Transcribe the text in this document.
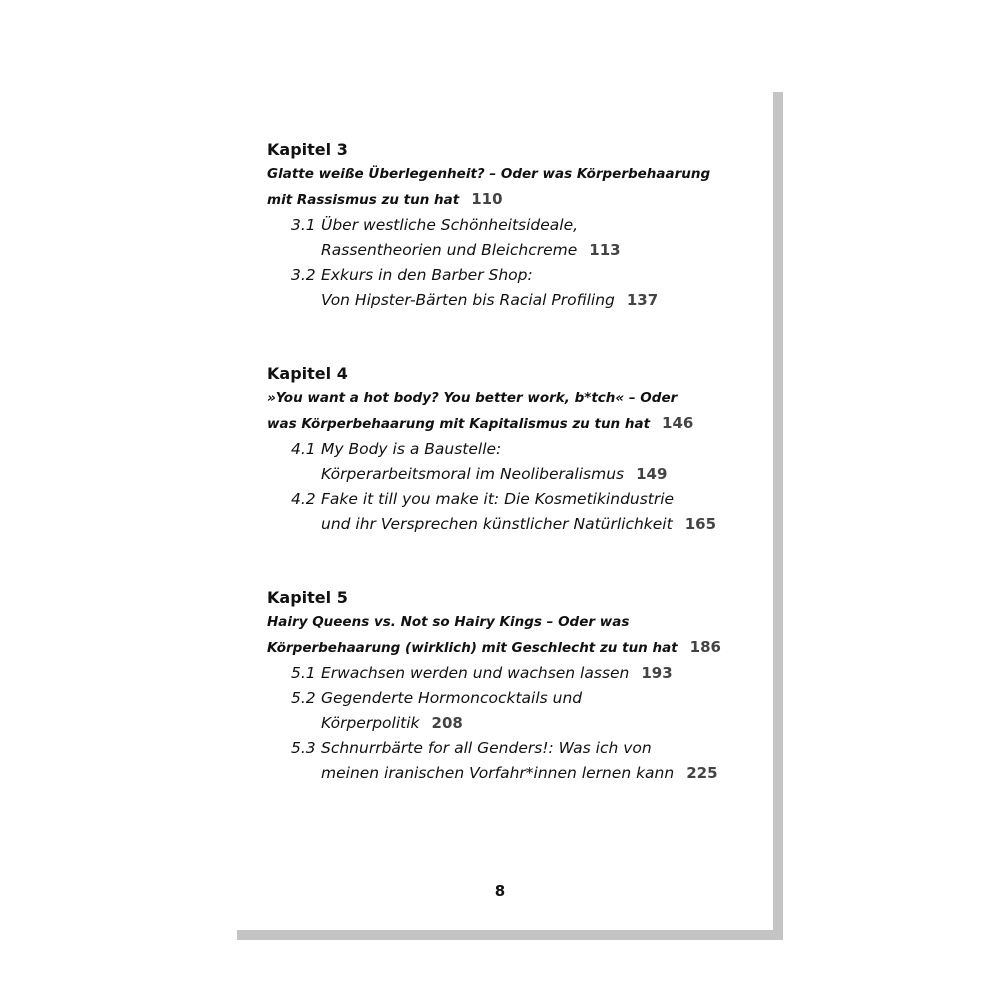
Kapitel 3
Glatte weiße Überlegenheit? – Oder was Körperbehaarung
mit Rassismus zu tun hat 110
3.1 Über westliche Schönheitsideale,
Rassentheorien und Bleichcreme 113
3.2 Exkurs in den Barber Shop:
Von Hipster-Bärten bis Racial Profiling 137
Kapitel 4
»You want a hot body? You better work, b*tch« – Oder
was Körperbehaarung mit Kapitalismus zu tun hat 146
4.1 My Body is a Baustelle:
Körperarbeitsmoral im Neoliberalismus 149
4.2 Fake it till you make it: Die Kosmetikindustrie
und ihr Versprechen künstlicher Natürlichkeit 165
Kapitel 5
Hairy Queens vs. Not so Hairy Kings – Oder was
Körperbehaarung (wirklich) mit Geschlecht zu tun hat 186
5.1 Erwachsen werden und wachsen lassen 193
5.2 Gegenderte Hormoncocktails und
Körperpolitik 208
5.3 Schnurrbärte for all Genders!: Was ich von
meinen iranischen Vorfahr*innen lernen kann 225
8
